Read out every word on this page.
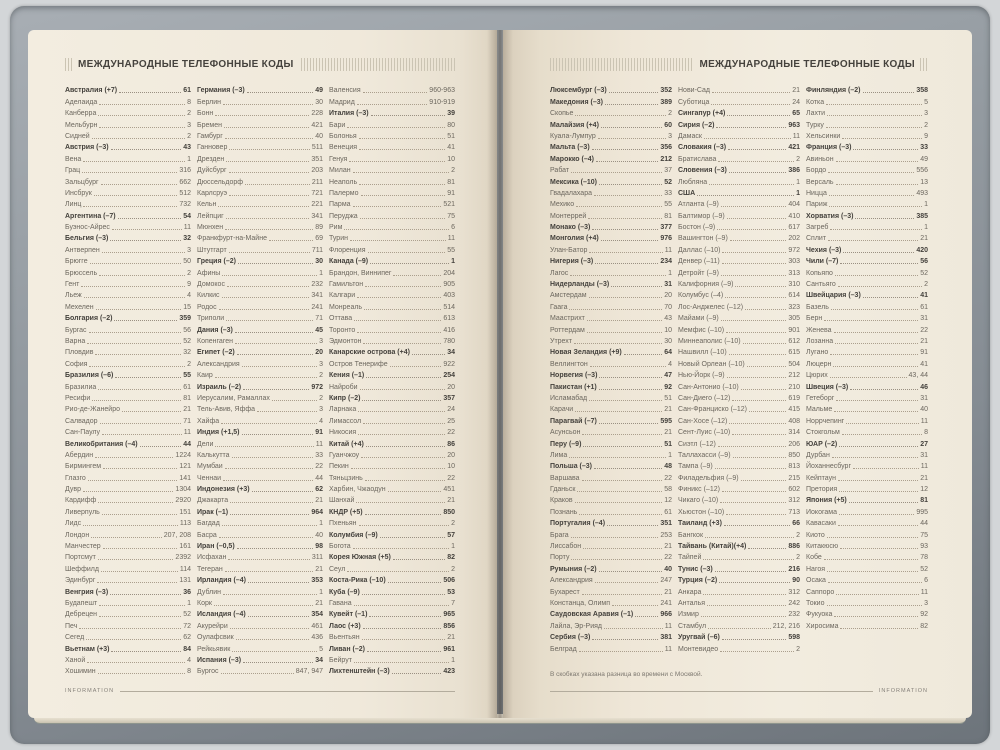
МЕЖДУНАРОДНЫЕ ТЕЛЕФОННЫЕ КОДЫ
Австралия (+7)	61
Аделаида	8
Канберра	2
Мельбурн	3
Сидней	2
Австрия (–3)	43
Вена	1
Грац	316
Зальцбург	662
Инсбрук	512
Линц	732
Аргентина (–7)	54
Буэнос-Айрес	11
Бельгия (–3)	32
Антверпен	3
Брюгге	50
Брюссель	2
Гент	9
Льеж	4
Мехелен	15
Болгария (–2)	359
Бургас	56
Варна	52
Пловдив	32
София	2
Бразилия (–6)	55
Бразилиа	61
Ресифи	81
Рио-де-Жанейро	21
Салвадор	71
Сан-Паулу	11
Великобритания (–4)	44
Абердин	1224
Бирмингем	121
Глазго	141
Дувр	1304
Кардифф	2920
Ливерпуль	151
Лидс	113
Лондон	207, 208
Манчестер	161
Портсмут	2392
Шеффилд	114
Эдинбург	131
Венгрия (–3)	36
Будапешт	1
Дебрецен	52
Печ	72
Сегед	62
Вьетнам (+3)	84
Ханой	4
Хошимин	8
Германия (–3)	49
Берлин	30
Бонн	228
Бремен	421
Гамбург	40
Ганновер	511
Дрезден	351
Дуйсбург	203
Дюссельдорф	211
Карлсруэ	721
Кельн	221
Лейпциг	341
Мюнхен	89
Франкфурт-на-Майне	69
Штутгарт	711
Греция (–2)	30
Афины	1
Домокос	232
Килкис	341
Родос	241
Триполи	71
Дания (–3)	45
Копенгаген	3
Египет (–2)	20
Александрия	3
Каир	2
Израиль (–2)	972
Иерусалим, Рамаллах	2
Тель-Авив, Яффа	3
Хайфа	4
Индия (+1,5)	91
Дели	11
Калькутта	33
Мумбаи	22
Ченнаи	44
Индонезия (+3)	62
Джакарта	21
Ирак (–1)	964
Багдад	1
Басра	40
Иран (–0,5)	98
Исфахан	311
Тегеран	21
Ирландия (–4)	353
Дублин	1
Корк	21
Исландия (–4)	354
Акурейри	461
Оулафсвик	436
Рейкьявик	5
Испания (–3)	34
Бургос	847, 947
Валенсия	960-963
Мадрид	910-919
Италия (–3)	39
Бари	80
Болонья	51
Венеция	41
Генуя	10
Милан	2
Неаполь	81
Палермо	91
Парма	521
Перуджа	75
Рим	6
Турин	11
Флоренция	55
Канада (–9)	1
Брандон, Виннипег	204
Гамильтон	905
Калгари	403
Монреаль	514
Оттава	613
Торонто	416
Эдмонтон	780
Канарские острова (+4)	34
Остров Тенерифе	922
Кения (–1)	254
Найроби	20
Кипр (–2)	357
Ларнака	24
Лимассол	25
Никосия	22
Китай (+4)	86
Гуанчжоу	20
Пекин	10
Тяньцзинь	22
Харбин, Чжаодун	451
Шанхай	21
КНДР (+5)	850
Пхеньян	2
Колумбия (–9)	57
Богота	1
Корея Южная (+5)	82
Сеул	2
Коста-Рика (–10)	506
Куба (–9)	53
Гавана	7
Кувейт (–1)	965
Лаос (+3)	856
Вьентьян	21
Ливан (–2)	961
Бейрут	1
Лихтенштейн (–3)	423
INFORMATION
МЕЖДУНАРОДНЫЕ ТЕЛЕФОННЫЕ КОДЫ
Люксембург (–3)	352
Македония (–3)	389
Скопье	2
Малайзия (+4)	60
Куала-Лумпур	3
Мальта (–3)	356
Марокко (–4)	212
Рабат	37
Мексика (–10)	52
Гвадалахара	33
Мехико	55
Монтеррей	81
Монако (–3)	377
Монголия (+4)	976
Улан-Батор	11
Нигерия (–3)	234
Лагос	1
Нидерланды (–3)	31
Амстердам	20
Гаага	70
Маастрихт	43
Роттердам	10
Утрехт	30
Новая Зеландия (+9)	64
Веллингтон	4
Норвегия (–3)	47
Пакистан (+1)	92
Исламабад	51
Карачи	21
Парагвай (–7)	595
Асунсьон	21
Перу (–9)	51
Лима	1
Польша (–3)	48
Варшава	22
Гданьск	58
Краков	12
Познань	61
Португалия (–4)	351
Брага	253
Лиссабон	21
Порту	22
Румыния (–2)	40
Александрия	247
Бухарест	21
Констанца, Олимп	241
Саудовская Аравия (–1)	966
Лайла, Эр-Рияд	11
Сербия (–3)	381
Белград	11
Нови-Сад	21
Суботица	24
Сингапур (+4)	65
Сирия (–2)	963
Дамаск	11
Словакия (–3)	421
Братислава	2
Словения (–3)	386
Любляна	1
США	1
Атланта (–9)	404
Балтимор (–9)	410
Бостон (–9)	617
Вашингтон (–9)	202
Даллас (–10)	972
Денвер (–11)	303
Детройт (–9)	313
Калифорния (–9)	310
Колумбус (–4)	614
Лос-Анджелес (–12)	323
Майами (–9)	305
Мемфис (–10)	901
Миннеаполис (–10)	612
Нашвилл (–10)	615
Новый Орлеан (–10)	504
Нью-Йорк (–9)	212
Сан-Антонио (–10)	210
Сан-Диего (–12)	619
Сан-Франциско (–12)	415
Сан-Хосе (–12)	408
Сент-Луис (–10)	314
Сиэтл (–12)	206
Таллахасси (–9)	850
Тампа (–9)	813
Филадельфия (–9)	215
Финикс (–12)	602
Чикаго (–10)	312
Хьюстон (–10)	713
Таиланд (+3)	66
Бангкок	2
Тайвань (Китай)(+4)	886
Тайпей	2
Тунис (–3)	216
Турция (–2)	90
Анкара	312
Анталья	242
Измир	232
Стамбул	212, 216
Уругвай (–6)	598
Монтевидео	2
Финляндия (–2)	358
Котка	5
Лахти	3
Турку	2
Хельсинки	9
Франция (–3)	33
Авиньон	49
Бордо	556
Версаль	13
Ницца	493
Париж	1
Хорватия (–3)	385
Загреб	1
Сплит	21
Чехия (–3)	420
Чили (–7)	56
Копьяпо	52
Сантьяго	2
Швейцария (–3)	41
Базель	61
Берн	31
Женева	22
Лозанна	21
Лугано	91
Люцерн	41
Цюрих	43, 44
Швеция (–3)	46
Гетеборг	31
Мальме	40
Норрчепинг	11
Стокгольм	8
ЮАР (–2)	27
Дурбан	31
Йоханнесбург	11
Кейптаун	21
Претория	12
Япония (+5)	81
Иокогама	995
Кавасаки	44
Киото	75
Китакюсю	93
Кобе	78
Нагоя	52
Осака	6
Саппоро	11
Токио	3
Фукуока	92
Хиросима	82
В скобках указана разница во времени с Москвой.
INFORMATION
